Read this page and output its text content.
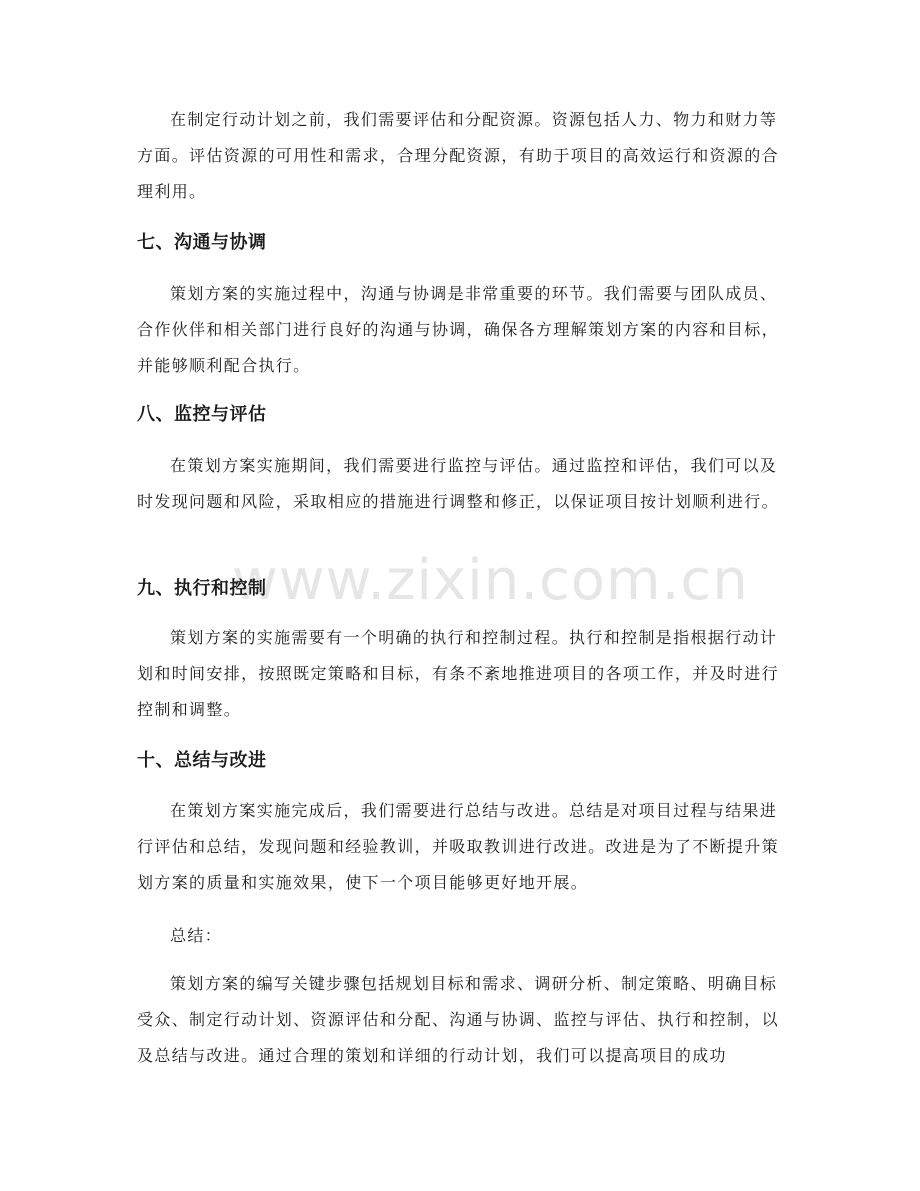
www.zixin.com.cn

在制定行动计划之前，我们需要评估和分配资源。资源包括人力、物力和财力等方面。评估资源的可用性和需求，合理分配资源，有助于项目的高效运行和资源的合理利用。

七、沟通与协调

策划方案的实施过程中，沟通与协调是非常重要的环节。我们需要与团队成员、合作伙伴和相关部门进行良好的沟通与协调，确保各方理解策划方案的内容和目标，并能够顺利配合执行。

八、监控与评估

在策划方案实施期间，我们需要进行监控与评估。通过监控和评估，我们可以及时发现问题和风险，采取相应的措施进行调整和修正，以保证项目按计划顺利进行。

九、执行和控制

策划方案的实施需要有一个明确的执行和控制过程。执行和控制是指根据行动计划和时间安排，按照既定策略和目标，有条不紊地推进项目的各项工作，并及时进行控制和调整。

十、总结与改进

在策划方案实施完成后，我们需要进行总结与改进。总结是对项目过程与结果进行评估和总结，发现问题和经验教训，并吸取教训进行改进。改进是为了不断提升策划方案的质量和实施效果，使下一个项目能够更好地开展。

总结：

策划方案的编写关键步骤包括规划目标和需求、调研分析、制定策略、明确目标受众、制定行动计划、资源评估和分配、沟通与协调、监控与评估、执行和控制，以及总结与改进。通过合理的策划和详细的行动计划，我们可以提高项目的成功
